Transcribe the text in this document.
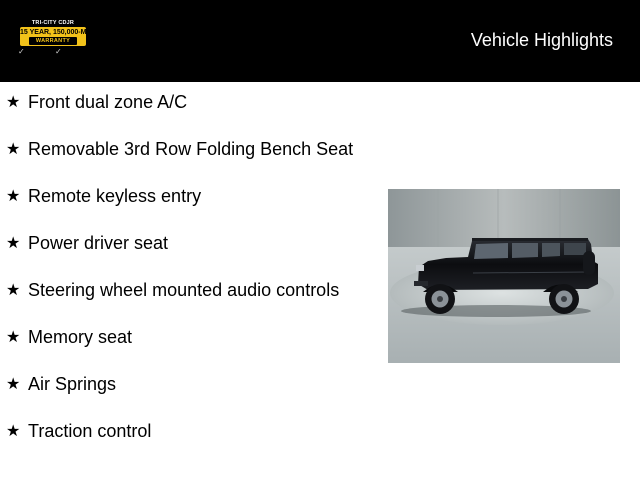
TRI-CITY CDJR
15 YEAR, 150,000-MILE
WARRANTY
✓	✓
Vehicle Highlights
★ Front dual zone A/C
★ Removable 3rd Row Folding Bench Seat
★ Remote keyless entry
★ Power driver seat
★ Steering wheel mounted audio controls
★ Memory seat
★ Air Springs
★ Traction control
